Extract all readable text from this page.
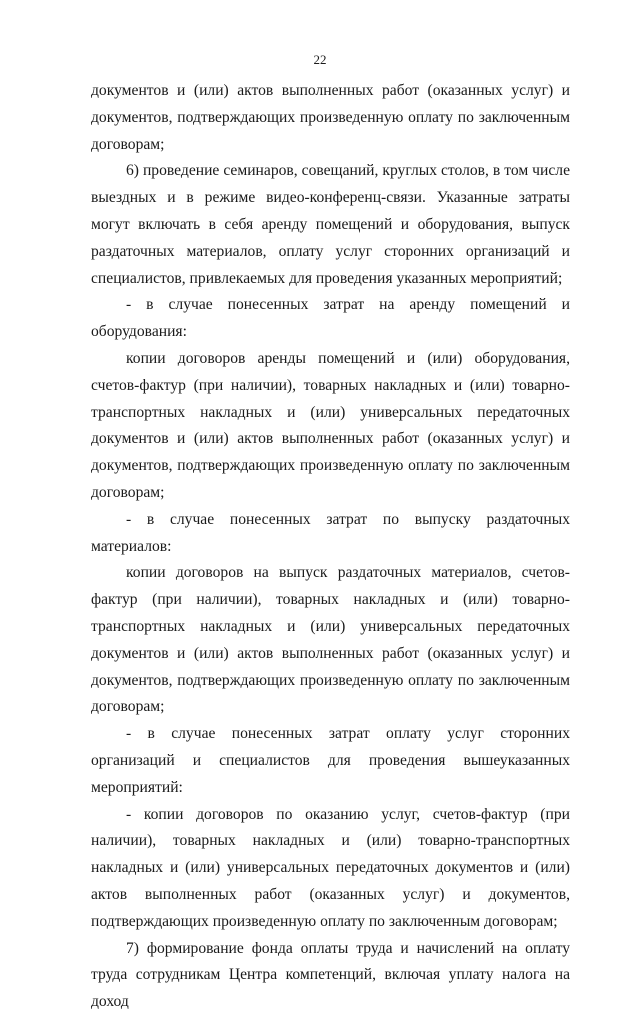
22

документов и (или) актов выполненных работ (оказанных услуг) и документов, подтверждающих произведенную оплату по заключенным договорам;

6) проведение семинаров, совещаний, круглых столов, в том числе выездных и в режиме видео-конференц-связи. Указанные затраты могут включать в себя аренду помещений и оборудования, выпуск раздаточных материалов, оплату услуг сторонних организаций и специалистов, привлекаемых для проведения указанных мероприятий;

- в случае понесенных затрат на аренду помещений и оборудования:

копии договоров аренды помещений и (или) оборудования, счетов-фактур (при наличии), товарных накладных и (или) товарно-транспортных накладных и (или) универсальных передаточных документов и (или) актов выполненных работ (оказанных услуг) и документов, подтверждающих произведенную оплату по заключенным договорам;

- в случае понесенных затрат по выпуску раздаточных материалов:

копии договоров на выпуск раздаточных материалов, счетов-фактур (при наличии), товарных накладных и (или) товарно-транспортных накладных и (или) универсальных передаточных документов и (или) актов выполненных работ (оказанных услуг) и документов, подтверждающих произведенную оплату по заключенным договорам;

- в случае понесенных затрат оплату услуг сторонних организаций и специалистов для проведения вышеуказанных мероприятий:

- копии договоров по оказанию услуг, счетов-фактур (при наличии), товарных накладных и (или) товарно-транспортных накладных и (или) универсальных передаточных документов и (или) актов выполненных работ (оказанных услуг) и документов, подтверждающих произведенную оплату по заключенным договорам;

7) формирование фонда оплаты труда и начислений на оплату труда сотрудникам Центра компетенций, включая уплату налога на доход
